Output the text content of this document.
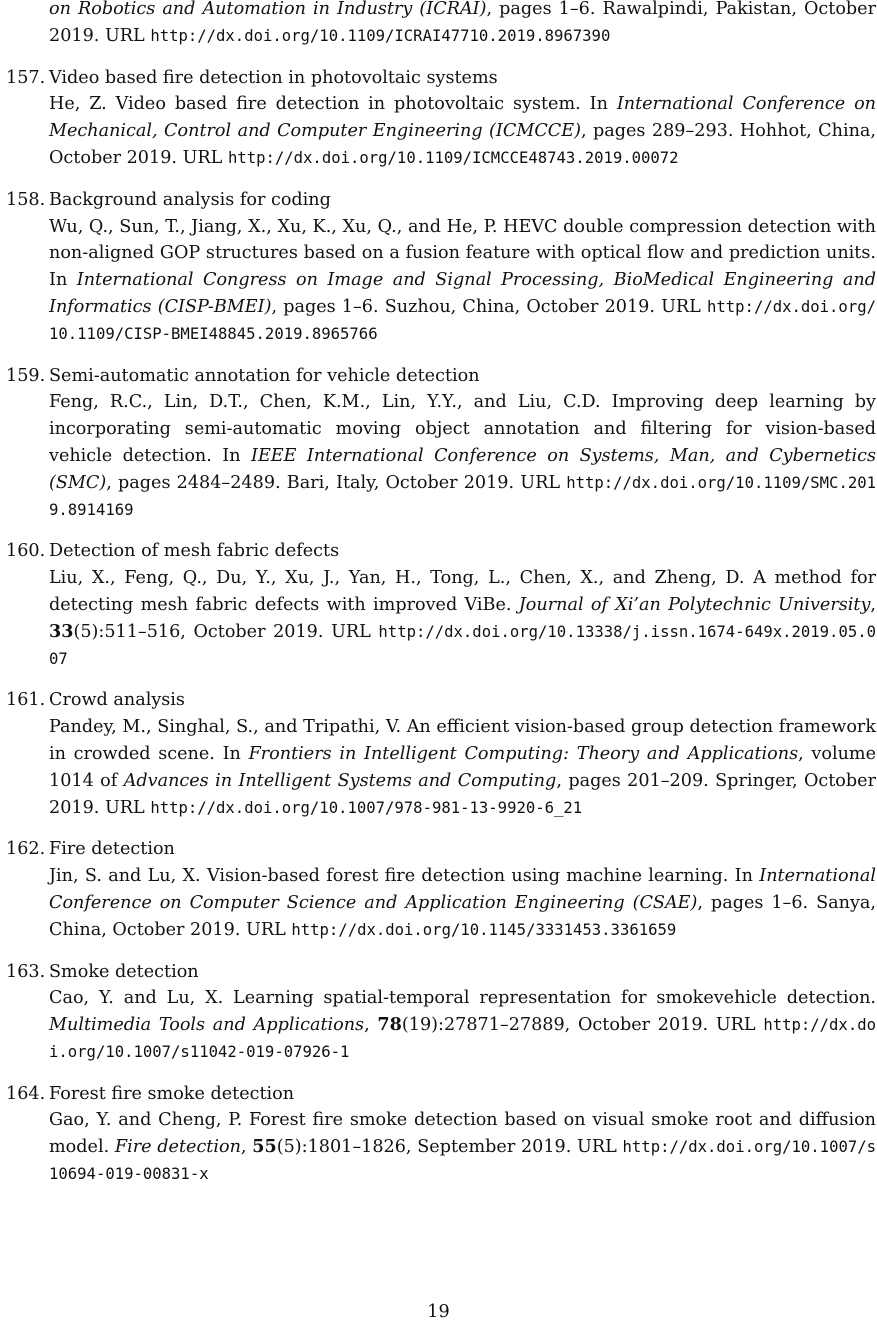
on Robotics and Automation in Industry (ICRAI), pages 1–6. Rawalpindi, Pakistan, October 2019. URL http://dx.doi.org/10.1109/ICRAI47710.2019.8967390
157. Video based fire detection in photovoltaic systems
He, Z. Video based fire detection in photovoltaic system. In International Conference on Mechanical, Control and Computer Engineering (ICMCCE), pages 289–293. Hohhot, China, October 2019. URL http://dx.doi.org/10.1109/ICMCCE48743.2019.00072
158. Background analysis for coding
Wu, Q., Sun, T., Jiang, X., Xu, K., Xu, Q., and He, P. HEVC double compression detection with non-aligned GOP structures based on a fusion feature with optical flow and prediction units. In International Congress on Image and Signal Processing, BioMedical Engineering and Informatics (CISP-BMEI), pages 1–6. Suzhou, China, October 2019. URL http://dx.doi.org/10.1109/CISP-BMEI48845.2019.8965766
159. Semi-automatic annotation for vehicle detection
Feng, R.C., Lin, D.T., Chen, K.M., Lin, Y.Y., and Liu, C.D. Improving deep learning by incorporating semi-automatic moving object annotation and filtering for vision-based vehicle detection. In IEEE International Conference on Systems, Man, and Cybernetics (SMC), pages 2484–2489. Bari, Italy, October 2019. URL http://dx.doi.org/10.1109/SMC.2019.8914169
160. Detection of mesh fabric defects
Liu, X., Feng, Q., Du, Y., Xu, J., Yan, H., Tong, L., Chen, X., and Zheng, D. A method for detecting mesh fabric defects with improved ViBe. Journal of Xi’an Polytechnic University, 33(5):511–516, October 2019. URL http://dx.doi.org/10.13338/j.issn.1674-649x.2019.05.007
161. Crowd analysis
Pandey, M., Singhal, S., and Tripathi, V. An efficient vision-based group detection framework in crowded scene. In Frontiers in Intelligent Computing: Theory and Applications, volume 1014 of Advances in Intelligent Systems and Computing, pages 201–209. Springer, October 2019. URL http://dx.doi.org/10.1007/978-981-13-9920-6_21
162. Fire detection
Jin, S. and Lu, X. Vision-based forest fire detection using machine learning. In International Conference on Computer Science and Application Engineering (CSAE), pages 1–6. Sanya, China, October 2019. URL http://dx.doi.org/10.1145/3331453.3361659
163. Smoke detection
Cao, Y. and Lu, X. Learning spatial-temporal representation for smokevehicle detection. Multimedia Tools and Applications, 78(19):27871–27889, October 2019. URL http://dx.doi.org/10.1007/s11042-019-07926-1
164. Forest fire smoke detection
Gao, Y. and Cheng, P. Forest fire smoke detection based on visual smoke root and diffusion model. Fire detection, 55(5):1801–1826, September 2019. URL http://dx.doi.org/10.1007/s10694-019-00831-x
19
